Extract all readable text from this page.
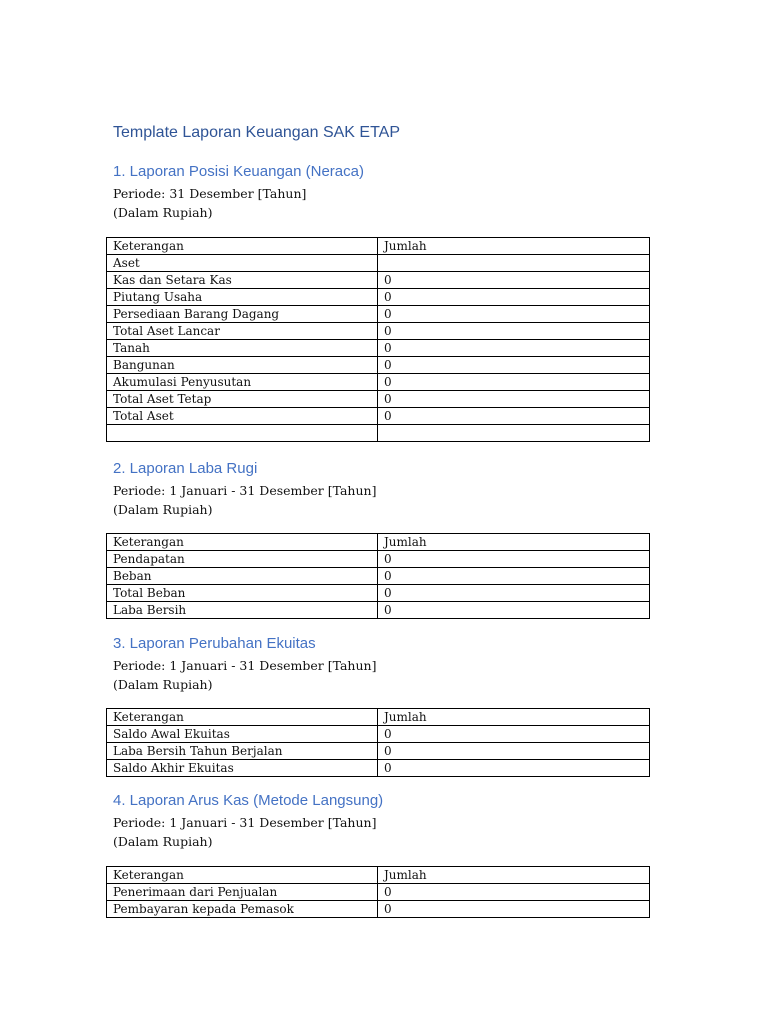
Template Laporan Keuangan SAK ETAP
1. Laporan Posisi Keuangan (Neraca)

Periode: 31 Desember [Tahun]

(Dalam Rupiah)

Keterangan	Jumlah
Aset	
Kas dan Setara Kas	0
Piutang Usaha	0
Persediaan Barang Dagang	0
Total Aset Lancar	0
Tanah	0
Bangunan	0
Akumulasi Penyusutan	0
Total Aset Tetap	0
Total Aset	0

2. Laporan Laba Rugi

Periode: 1 Januari - 31 Desember [Tahun]

(Dalam Rupiah)

Keterangan	Jumlah
Pendapatan	0
Beban	0
Total Beban	0
Laba Bersih	0
3. Laporan Perubahan Ekuitas

Periode: 1 Januari - 31 Desember [Tahun]

(Dalam Rupiah)

Keterangan	Jumlah
Saldo Awal Ekuitas	0
Laba Bersih Tahun Berjalan	0
Saldo Akhir Ekuitas	0
4. Laporan Arus Kas (Metode Langsung)

Periode: 1 Januari - 31 Desember [Tahun]

(Dalam Rupiah)

Keterangan	Jumlah
Penerimaan dari Penjualan	0
Pembayaran kepada Pemasok	0
